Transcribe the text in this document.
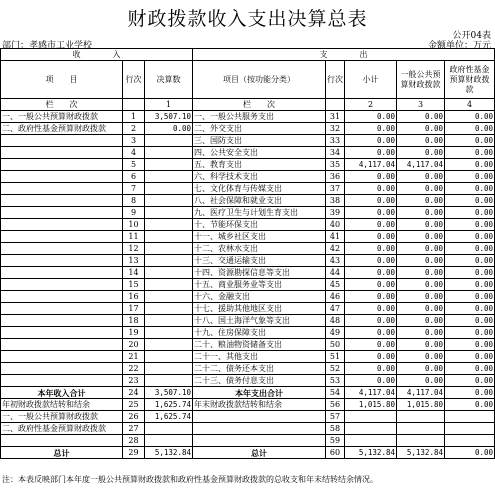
财政拨款收入支出决算总表
公开04表
部门：孝感市工业学校	金额单位：万元
收　　　　入			支　　　　出				
项　　目	行次	决算数	项目（按功能分类）	行次	小计	一般公共预算财政拨款	政府性基金预算财政拨款
栏　　次		1	栏　　次		2	3	4
一、一般公共预算财政拨款	1	3,507.10	一、一般公共服务支出	31	0.00	0.00	0.00
二、政府性基金预算财政拨款	2	0.00	二、外交支出	32	0.00	0.00	0.00
	3		三、国防支出	33	0.00	0.00	0.00
	4		四、公共安全支出	34	0.00	0.00	0.00
	5		五、教育支出	35	4,117.04	4,117.04	0.00
	6		六、科学技术支出	36	0.00	0.00	0.00
	7		七、文化体育与传媒支出	37	0.00	0.00	0.00
	8		八、社会保障和就业支出	38	0.00	0.00	0.00
	9		九、医疗卫生与计划生育支出	39	0.00	0.00	0.00
	10		十、节能环保支出	40	0.00	0.00	0.00
	11		十一、城乡社区支出	41	0.00	0.00	0.00
	12		十二、农林水支出	42	0.00	0.00	0.00
	13		十三、交通运输支出	43	0.00	0.00	0.00
	14		十四、资源勘探信息等支出	44	0.00	0.00	0.00
	15		十五、商业服务业等支出	45	0.00	0.00	0.00
	16		十六、金融支出	46	0.00	0.00	0.00
	17		十七、援助其他地区支出	47	0.00	0.00	0.00
	18		十八、国土海洋气象等支出	48	0.00	0.00	0.00
	19		十九、住房保障支出	49	0.00	0.00	0.00
	20		二十、粮油物资储备支出	50	0.00	0.00	0.00
	21		二十一、其他支出	51	0.00	0.00	0.00
	22		二十二、债务还本支出	52	0.00	0.00	0.00
	23		二十三、债务付息支出	53	0.00	0.00	0.00
本年收入合计	24	3,507.10	本年支出合计	54	4,117.04	4,117.04	0.00
年初财政拨款结转和结余	25	1,625.74	年末财政拨款结转和结余	56	1,015.80	1,015.80	0.00
一、一般公共预算财政拨款	26	1,625.74		57			
二、政府性基金预算财政拨款	27			58			
	28			59			
总计	29	5,132.84	总计	60	5,132.84	5,132.84	0.00
注：本表反映部门本年度一般公共预算财政拨款和政府性基金预算财政拨款的总收支和年末结转结余情况。
